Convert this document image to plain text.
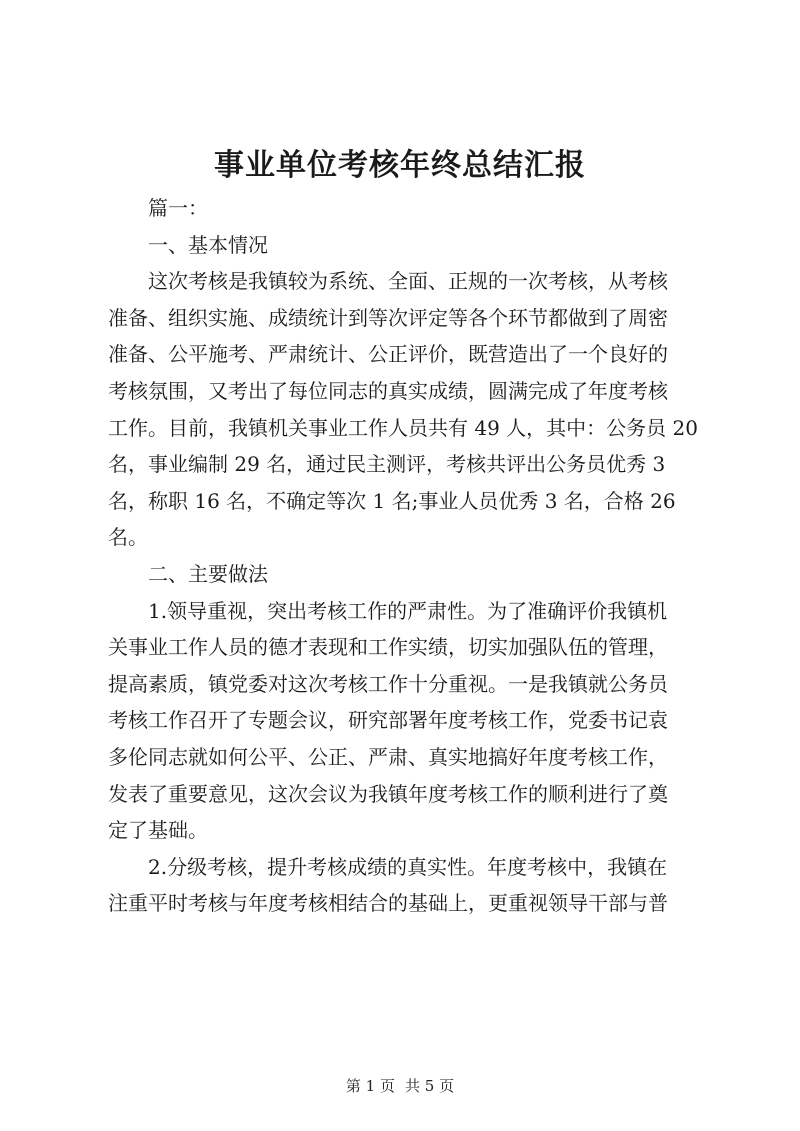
事业单位考核年终总结汇报

　　篇一：

　　一、基本情况

　　这次考核是我镇较为系统、全面、正规的一次考核，从考核

准备、组织实施、成绩统计到等次评定等各个环节都做到了周密

准备、公平施考、严肃统计、公正评价，既营造出了一个良好的

考核氛围，又考出了每位同志的真实成绩，圆满完成了年度考核

工作。目前，我镇机关事业工作人员共有 49 人，其中：公务员 20

名，事业编制 29 名，通过民主测评，考核共评出公务员优秀 3

名，称职 16 名，不确定等次 1 名;事业人员优秀 3 名，合格 26

名。

　　二、主要做法

　　1.领导重视，突出考核工作的严肃性。为了准确评价我镇机

关事业工作人员的德才表现和工作实绩，切实加强队伍的管理，

提高素质，镇党委对这次考核工作十分重视。一是我镇就公务员

考核工作召开了专题会议，研究部署年度考核工作，党委书记袁

多伦同志就如何公平、公正、严肃、真实地搞好年度考核工作，

发表了重要意见，这次会议为我镇年度考核工作的顺利进行了奠

定了基础。

　　2.分级考核，提升考核成绩的真实性。年度考核中，我镇在

注重平时考核与年度考核相结合的基础上，更重视领导干部与普

第 1 页 共 5 页
